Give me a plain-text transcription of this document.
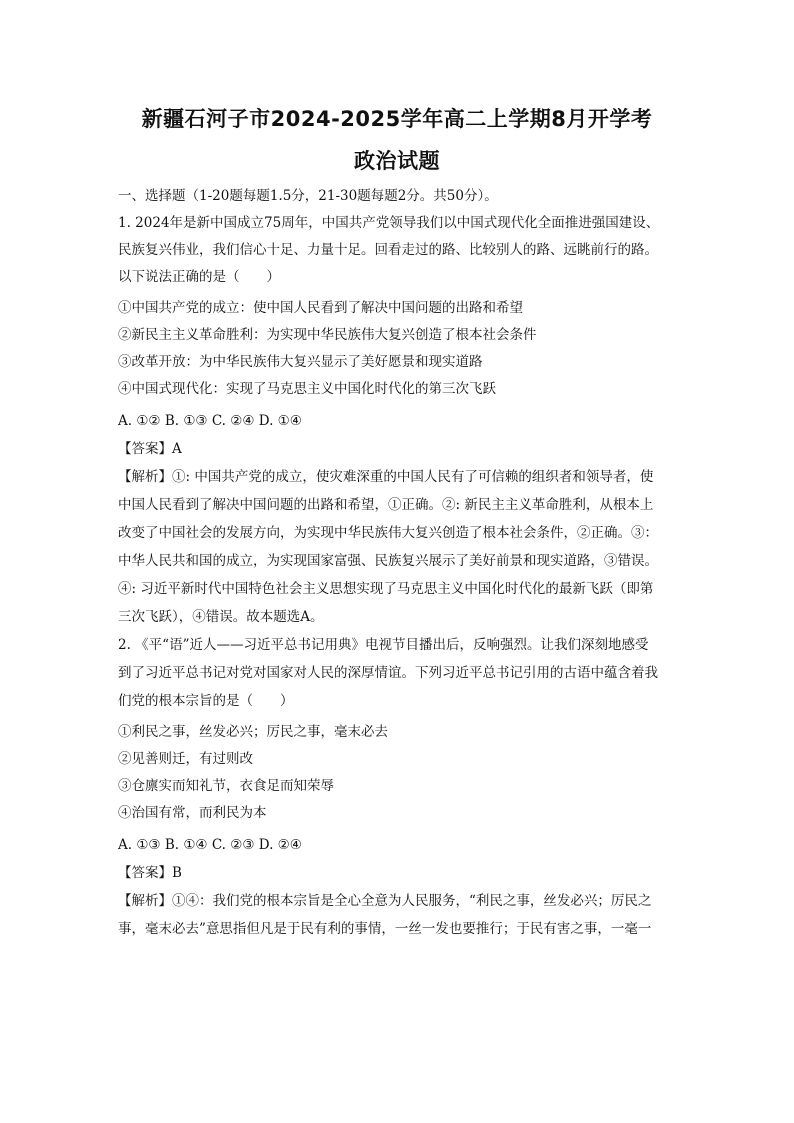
新疆石河子市2024-2025学年高二上学期8月开学考
政治试题
一、选择题（1-20题每题1.5分，21-30题每题2分。共50分）。
1. 2024年是新中国成立75周年，中国共产党领导我们以中国式现代化全面推进强国建设、
民族复兴伟业，我们信心十足、力量十足。回看走过的路、比较别人的路、远眺前行的路。
以下说法正确的是（　　）
①中国共产党的成立：使中国人民看到了解决中国问题的出路和希望
②新民主主义革命胜利：为实现中华民族伟大复兴创造了根本社会条件
③改革开放：为中华民族伟大复兴显示了美好愿景和现实道路
④中国式现代化：实现了马克思主义中国化时代化的第三次飞跃
A. ①② B. ①③ C. ②④ D. ①④
【答案】A
【解析】①: 中国共产党的成立，使灾难深重的中国人民有了可信赖的组织者和领导者，使
中国人民看到了解决中国问题的出路和希望，①正确。②: 新民主主义革命胜利，从根本上
改变了中国社会的发展方向，为实现中华民族伟大复兴创造了根本社会条件，②正确。③：
中华人民共和国的成立，为实现国家富强、民族复兴展示了美好前景和现实道路，③错误。
④: 习近平新时代中国特色社会主义思想实现了马克思主义中国化时代化的最新飞跃（即第
三次飞跃），④错误。故本题选A。
2. 《平“语”近人——习近平总书记用典》电视节目播出后，反响强烈。让我们深刻地感受
到了习近平总书记对党对国家对人民的深厚情谊。下列习近平总书记引用的古语中蕴含着我
们党的根本宗旨的是（　　）
①利民之事，丝发必兴；厉民之事，毫末必去
②见善则迁，有过则改
③仓廪实而知礼节，衣食足而知荣辱
④治国有常，而利民为本
A. ①③ B. ①④ C. ②③ D. ②④
【答案】B
【解析】①④：我们党的根本宗旨是全心全意为人民服务，“利民之事，丝发必兴；厉民之
事，毫末必去”意思指但凡是于民有利的事情，一丝一发也要推行；于民有害之事，一毫一
